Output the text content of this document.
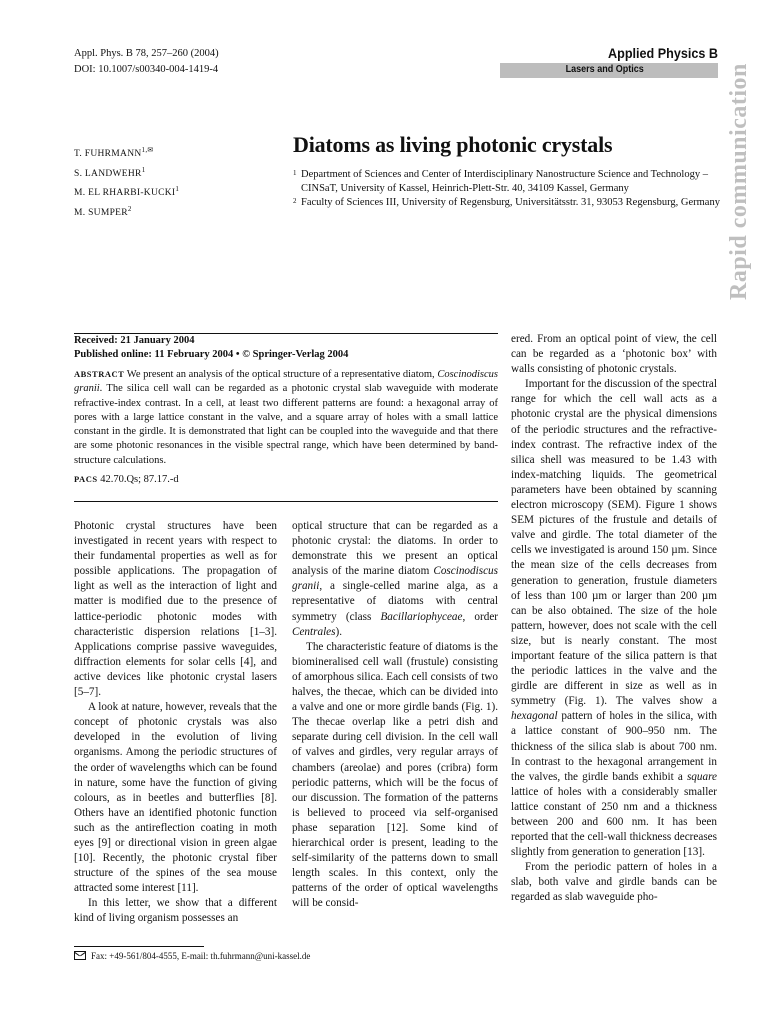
Appl. Phys. B 78, 257–260 (2004)
DOI: 10.1007/s00340-004-1419-4
Applied Physics B
Lasers and Optics	Rapid communication
T. $FUHRMANN^{1,✉}$
S. LANDWEHR$^1$
M. EL RHARBI-KUCKI$^1$
M. SUMPER$^2$
Diatoms as living photonic crystals
1 Department of Sciences and Center of Interdisciplinary Nanostructure Science and Technology – CINSaT, University of Kassel, Heinrich-Plett-Str. 40, 34109 Kassel, Germany
2 Faculty of Sciences III, University of Regensburg, Universitätsstr. 31, 93053 Regensburg, Germany
Received: 21 January 2004
Published online: 11 February 2004 • © Springer-Verlag 2004
ABSTRACT We present an analysis of the optical structure of a representative diatom, Coscinodiscus granii. The silica cell wall can be regarded as a photonic crystal slab waveguide with moderate refractive-index contrast. In a cell, at least two different patterns are found: a hexagonal array of pores with a large lattice constant in the valve, and a square array of holes with a small lattice constant in the girdle. It is demonstrated that light can be coupled into the waveguide and that there are some photonic resonances in the visible spectral range, which have been determined by band-structure calculations.
PACS 42.70.Qs; 87.17.-d

Photonic crystal structures have been investigated in recent years with respect to their fundamental properties as well as for possible applications. The propagation of light as well as the interaction of light and matter is modified due to the presence of lattice-periodic photonic modes with characteristic dispersion relations [1–3]. Applications comprise passive waveguides, diffraction elements for solar cells [4], and active devices like photonic crystal lasers [5–7].

A look at nature, however, reveals that the concept of photonic crystals was also developed in the evolution of living organisms. Among the periodic structures of the order of wavelengths which can be found in nature, some have the function of giving colours, as in beetles and butterflies [8]. Others have an identified photonic function such as the antireflection coating in moth eyes [9] or directional vision in green algae [10]. Recently, the photonic crystal fiber structure of the spines of the sea mouse attracted some interest [11].

In this letter, we show that a different kind of living organism possesses an

optical structure that can be regarded as a photonic crystal: the diatoms. In order to demonstrate this we present an optical analysis of the marine diatom Coscinodiscus granii, a single-celled marine alga, as a representative of diatoms with central symmetry (class Bacillariophyceae, order Centrales).

The characteristic feature of diatoms is the biomineralised cell wall (frustule) consisting of amorphous silica. Each cell consists of two halves, the thecae, which can be divided into a valve and one or more girdle bands (Fig. 1). The thecae overlap like a petri dish and separate during cell division. In the cell wall of valves and girdles, very regular arrays of chambers (areolae) and pores (cribra) form periodic patterns, which will be the focus of our discussion. The formation of the patterns is believed to proceed via self-organised phase separation [12]. Some kind of hierarchical order is present, leading to the self-similarity of the patterns down to small length scales. In this context, only the patterns of the order of optical wavelengths will be consid-

ered. From an optical point of view, the cell can be regarded as a ‘photonic box’ with walls consisting of photonic crystals.

Important for the discussion of the spectral range for which the cell wall acts as a photonic crystal are the physical dimensions of the periodic structures and the refractive-index contrast. The refractive index of the silica shell was measured to be 1.43 with index-matching liquids. The geometrical parameters have been obtained by scanning electron microscopy (SEM). Figure 1 shows SEM pictures of the frustule and details of valve and girdle. The total diameter of the cells we investigated is around 150 µm. Since the mean size of the cells decreases from generation to generation, frustule diameters of less than 100 µm or larger than 200 µm can be also obtained. The size of the hole pattern, however, does not scale with the cell size, but is nearly constant. The most important feature of the silica pattern is that the periodic lattices in the valve and the girdle are different in size as well as in symmetry (Fig. 1). The valves show a hexagonal pattern of holes in the silica, with a lattice constant of 900–950 nm. The thickness of the silica slab is about 700 nm. In contrast to the hexagonal arrangement in the valves, the girdle bands exhibit a square lattice of holes with a considerably smaller lattice constant of 250 nm and a thickness between 200 and 600 nm. It has been reported that the cell-wall thickness decreases slightly from generation to generation [13].

From the periodic pattern of holes in a slab, both valve and girdle bands can be regarded as slab waveguide pho-

Fax: +49-561/804-4555, E-mail: th.fuhrmann@uni-kassel.de
